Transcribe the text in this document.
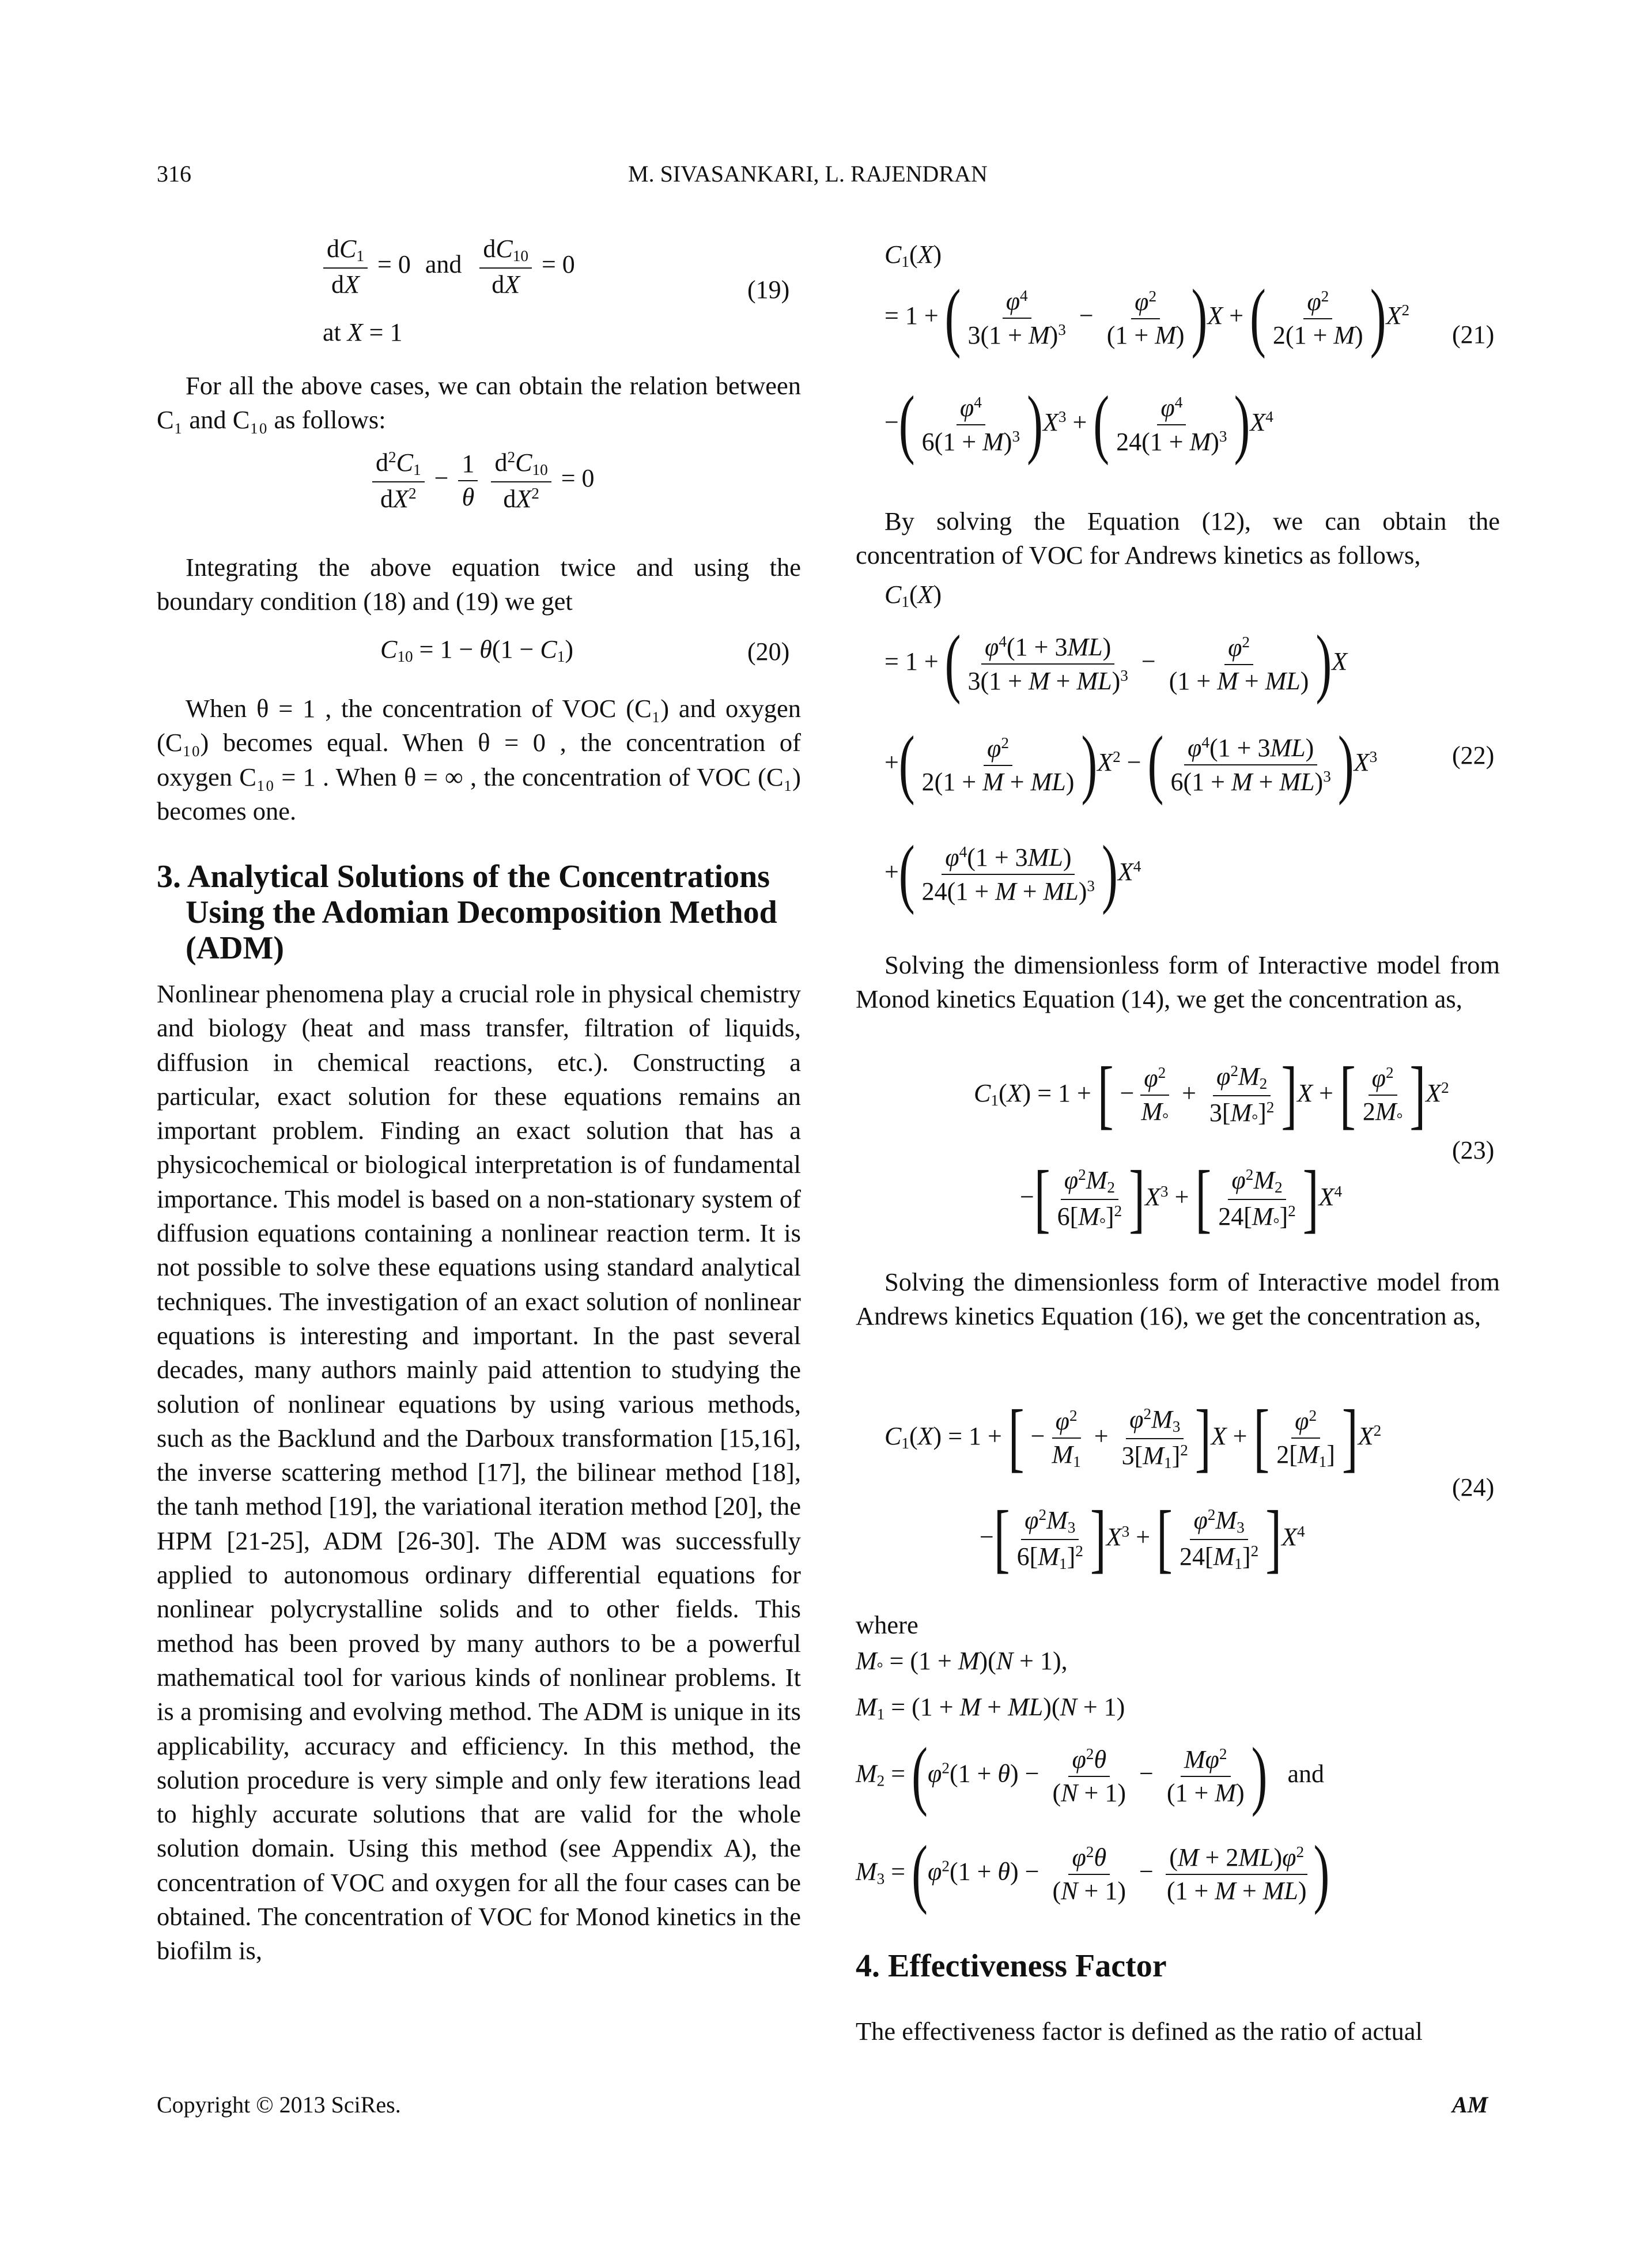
316	M. SIVASANKARI, L. RAJENDRAN
$\frac{dC_1}{dX} = 0$ and $\frac{dC_{10}}{dX} = 0$
at X = 1
(19)
For all the above cases, we can obtain the relation between C₁ and C₁₀ as follows:
$\frac{d^2C_1}{dX^2} - \frac{1}{\theta}$
$\frac{d^2C_{10}}{dX^2} = 0$
Integrating the above equation twice and using the boundary condition (18) and (19) we get
$C_{10} = 1 - \theta(1 - C_1)$	(20)
When θ = 1 , the concentration of VOC (C₁) and oxygen (C₁₀) becomes equal. When θ = 0 , the concentration of oxygen C₁₀ = 1 . When θ = ∞ , the concentration of VOC (C₁) becomes one.
3. Analytical Solutions of the Concentrations Using the Adomian Decomposition Method (ADM)
Nonlinear phenomena play a crucial role in physical chemistry and biology (heat and mass transfer, filtration of liquids, diffusion in chemical reactions, etc.). Constructing a particular, exact solution for these equations remains an important problem. Finding an exact solution that has a physicochemical or biological interpretation is of fundamental importance. This model is based on a non-stationary system of diffusion equations containing a nonlinear reaction term. It is not possible to solve these equations using standard analytical techniques. The investigation of an exact solution of nonlinear equations is interesting and important. In the past several decades, many authors mainly paid attention to studying the solution of nonlinear equations by using various methods, such as the Backlund and the Darboux transformation [15,16], the inverse scattering method [17], the bilinear method [18], the tanh method [19], the variational iteration method [20], the HPM [21-25], ADM [26-30]. The ADM was successfully applied to autonomous ordinary differential equations for nonlinear polycrystalline solids and to other fields. This method has been proved by many authors to be a powerful mathematical tool for various kinds of nonlinear problems. It is a promising and evolving method. The ADM is unique in its applicability, accuracy and efficiency. In this method, the solution procedure is very simple and only few iterations lead to highly accurate solutions that are valid for the whole solution domain. Using this method (see Appendix A), the concentration of VOC and oxygen for all the four cases can be obtained. The concentration of VOC for Monod kinetics in the biofilm is,
$C_1(X)$
= 1 + ( $\frac{\varphi^4}{3(1 + M)^3} - \frac{\varphi^2}{(1 + M)} )X$ + ( $\frac{\varphi^2}{2(1 + M)} )X^2$
−( $\frac{\varphi^4}{6(1 + M)^3} )X^3$ + ( $\frac{\varphi^4}{24(1 + M)^3} )X^4$
(21)
By solving the Equation (12), we can obtain the concentration of VOC for Andrews kinetics as follows,
$C_1(X)$
= 1 + ( $\frac{\varphi^4(1 + 3ML)}{3(1 + M + ML)^3} - \frac{\varphi^2}{(1 + M + ML)} )X$
+( $\frac{\varphi^2}{2(1 + M + ML)} )X^2$ − ( $\frac{\varphi^4(1 + 3ML)}{6(1 + M + ML)^3} )X^3$
+( $\frac{\varphi^4(1 + 3ML)}{24(1 + M + ML)^3} )X^4$
(22)
Solving the dimensionless form of Interactive model from Monod kinetics Equation (14), we get the concentration as,
$C_1(X) = 1$ + [ − $\frac{\varphi^2}{M^\circ} + \frac{\varphi^2M_2}{3[M^\circ]^2} ]X$ + [ $\frac{\varphi^2}{2M^\circ} ]X^2$
−[ $\frac{\varphi^2M_2}{6[M^\circ]^2} ]X^3$ + [ $\frac{\varphi^2M_2}{24[M^\circ]^2} ]X^4$
(23)
Solving the dimensionless form of Interactive model from Andrews kinetics Equation (16), we get the concentration as,
$C_1(X) = 1$ + [ − $\frac{\varphi^2}{M_1} + \frac{\varphi^2M_3}{3[M_1]^2} ]X$ + [ $\frac{\varphi^2}{2[M_1]} ]X^2$
−[ $\frac{\varphi^2M_3}{6[M_1]^2} ]X^3$ + [ $\frac{\varphi^2M_3}{24[M_1]^2} ]X^4$
(24)
where
$M^\circ = (1 + M)(N + 1)$,
$M_1 = (1 + M + ML)(N + 1)$
$M_2 = (\varphi^2(1 + \theta) - \frac{\varphi^2\theta}{(N + 1)} - \frac{M\varphi^2}{(1 + M)}$ ) and
$M_3 = (\varphi^2(1 + \theta) - \frac{\varphi^2\theta}{(N + 1)} - \frac{(M + 2ML)\varphi^2}{(1 + M + ML)}$ )
4. Effectiveness Factor
The effectiveness factor is defined as the ratio of actual
Copyright © 2013 SciRes.	AM
